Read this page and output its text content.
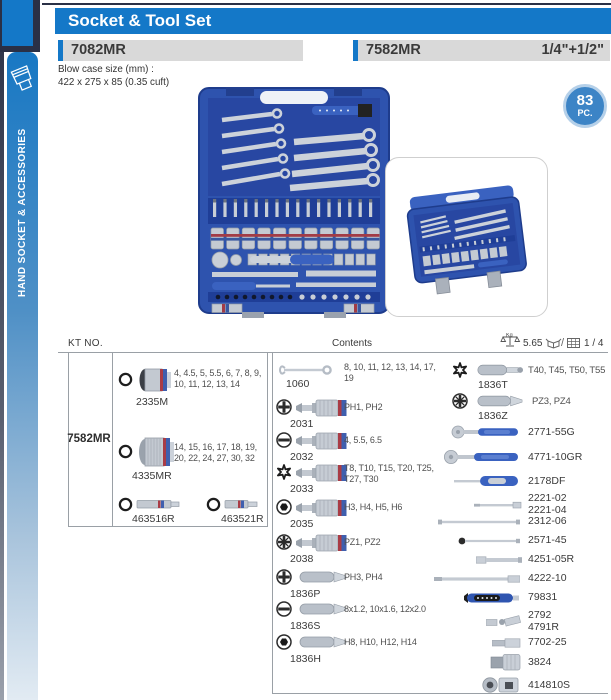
HAND SOCKET & ACCESSORIES
Socket & Tool Set
7082MR	7582MR	1/4"+1/2"
Blow case size (mm) :
422 x 275 x 85 (0.35 cuft)
83
PC.
KT NO.	Contents	5.65 / 1 / 4
7582MR
2335M
4, 4.5, 5, 5.5, 6, 7, 8, 9, 10, 11, 12, 13, 14
4335MR
14, 15, 16, 17, 18, 19, 20, 22, 24, 27, 30, 32
463516R	463521R
1060
8, 10, 11, 12, 13, 14, 17, 19
2031
PH1, PH2
2032
4, 5.5, 6.5
2033
T8, T10, T15, T20, T25, T27, T30
2035
H3, H4, H5, H6
2038
PZ1, PZ2
1836P
PH3, PH4
1836S
8x1.2, 10x1.6, 12x2.0
1836H
H8, H10, H12, H14
1836T
T40, T45, T50, T55
1836Z
PZ3, PZ4
2771-55G
4771-10GR
2178DF
2221-02
2221-04
2312-06
2571-45
4251-05R
4222-10
79831
2792
4791R
7702-25
3824
414810S
